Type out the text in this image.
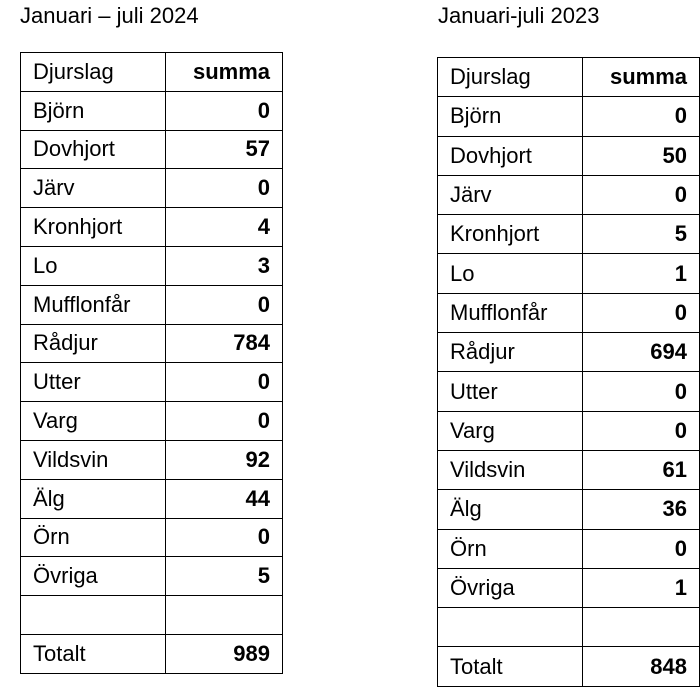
Januari – juli 2024	Januari-juli 2023
Djurslag	summa
Björn	0
Dovhjort	57
Järv	0
Kronhjort	4
Lo	3
Mufflonfår	0
Rådjur	784
Utter	0
Varg	0
Vildsvin	92
Älg	44
Örn	0
Övriga	5

Totalt	989
Djurslag	summa
Björn	0
Dovhjort	50
Järv	0
Kronhjort	5
Lo	1
Mufflonfår	0
Rådjur	694
Utter	0
Varg	0
Vildsvin	61
Älg	36
Örn	0
Övriga	1

Totalt	848
